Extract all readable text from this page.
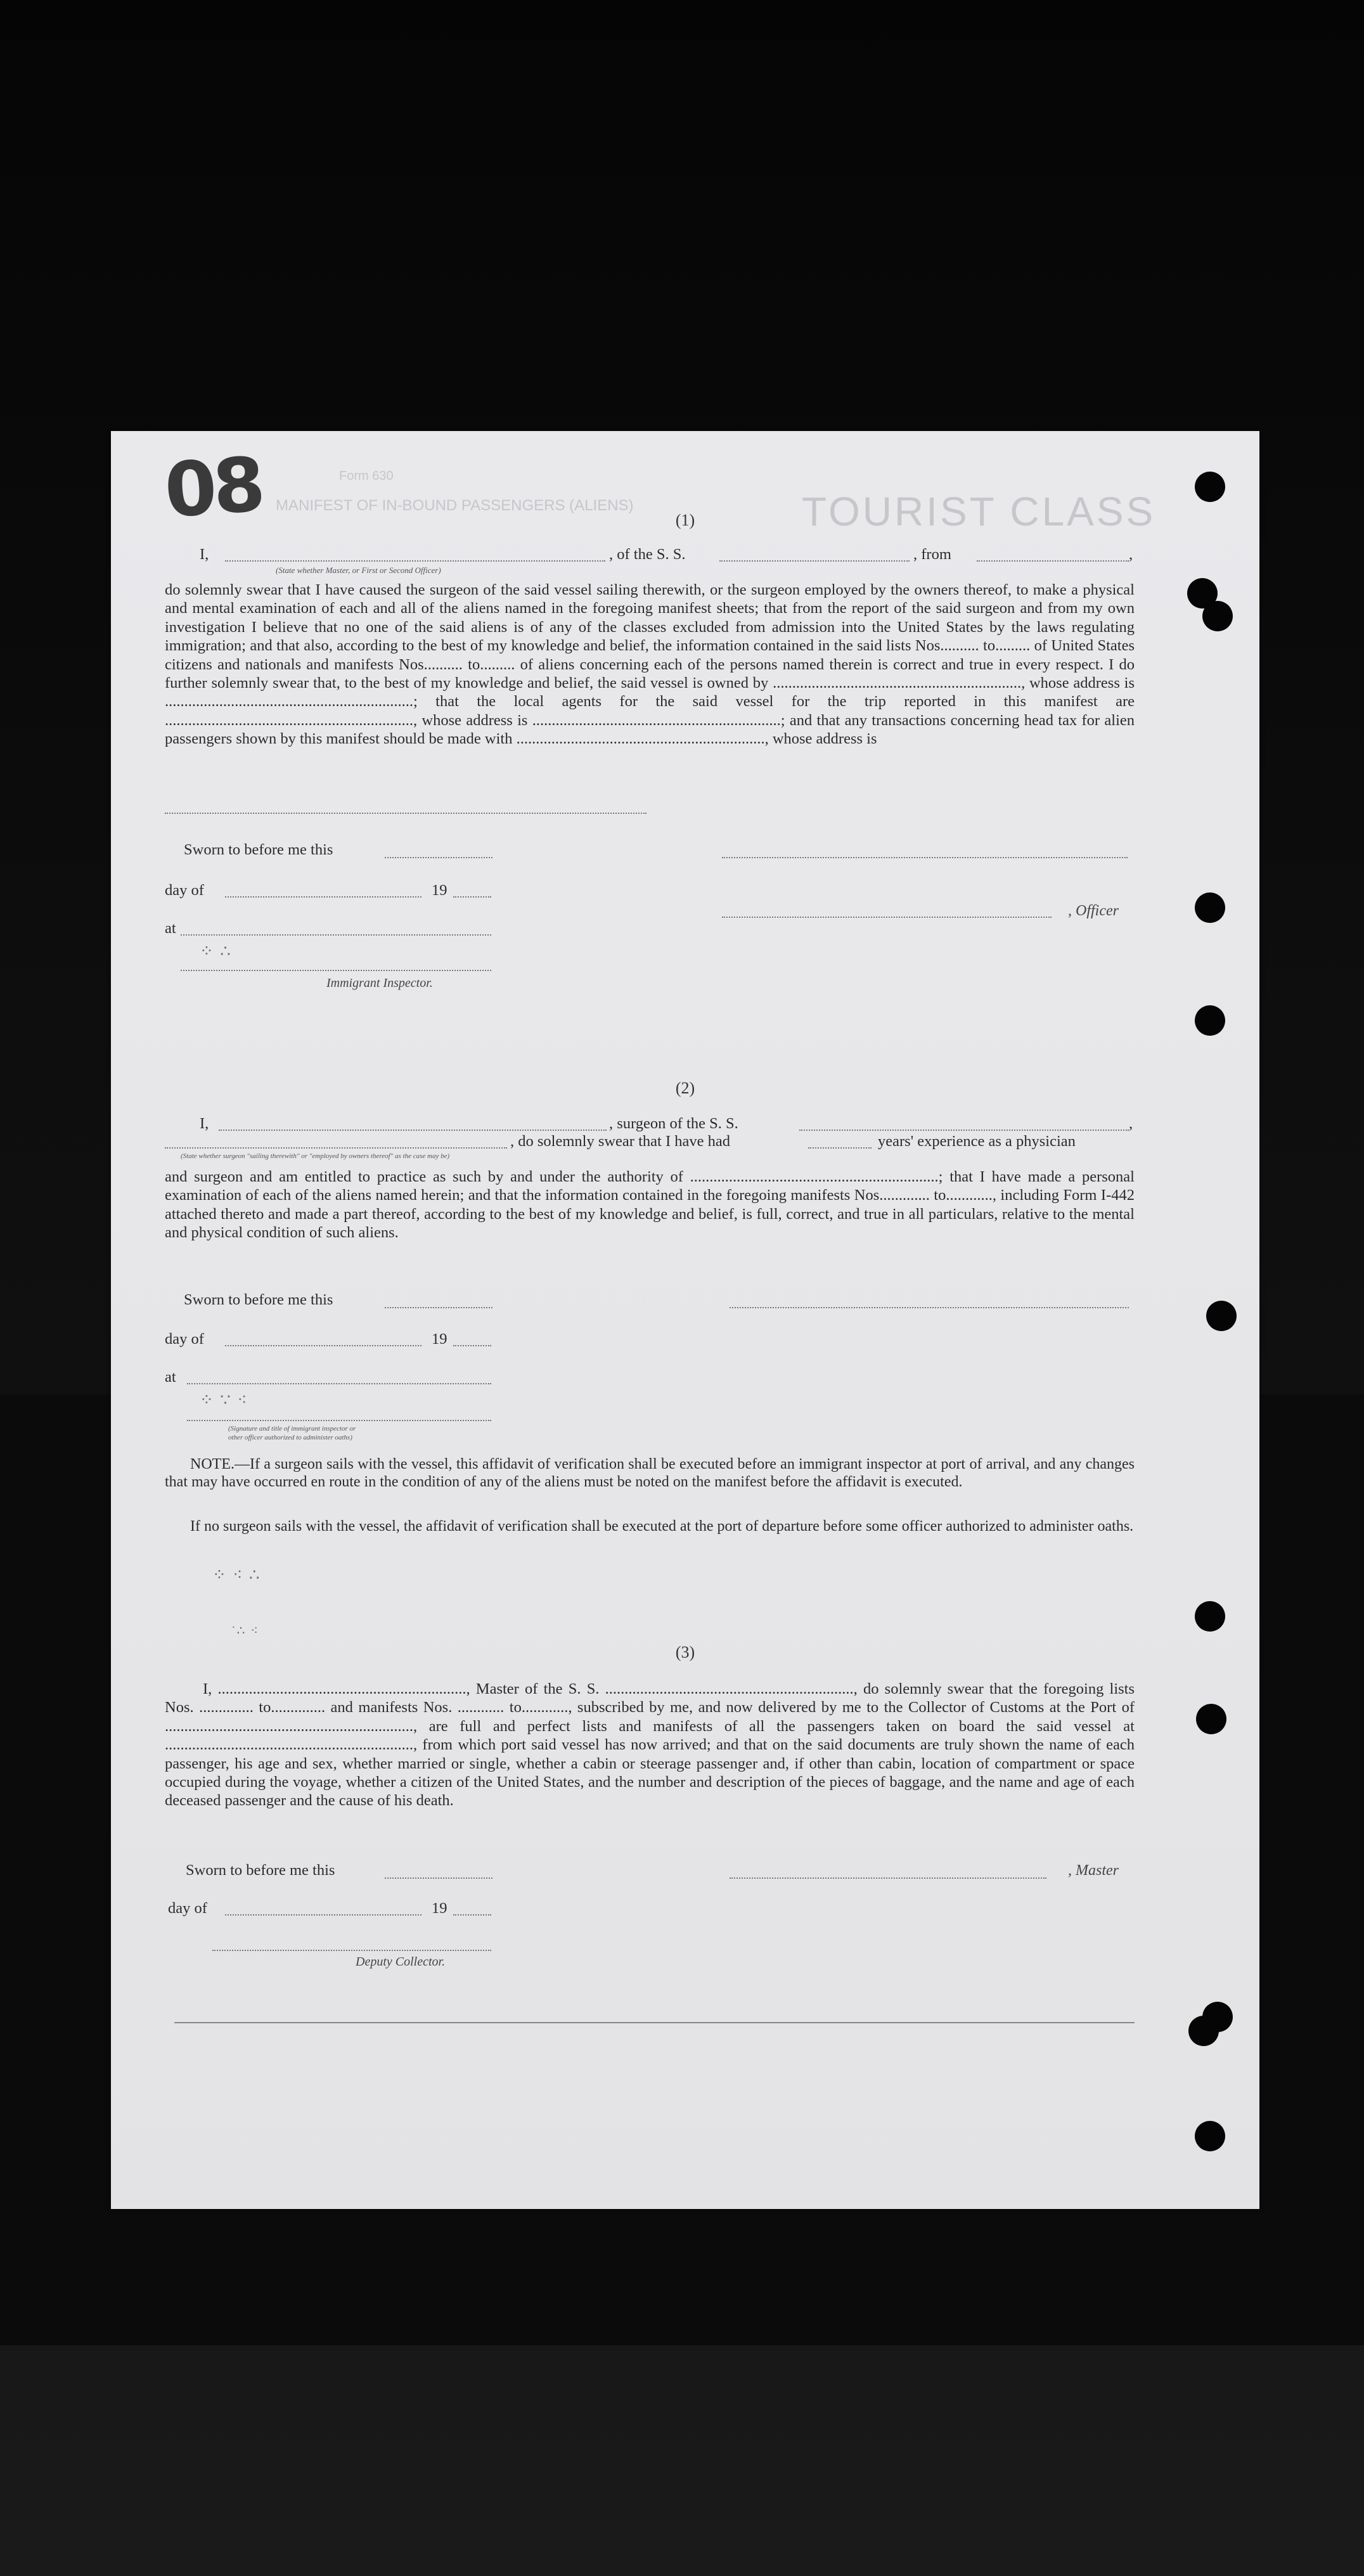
08	Form 630
MANIFEST OF IN-BOUND PASSENGERS (ALIENS)	TOURIST CLASS
(1)
I,	, of the S. S.	, from	,
(State whether Master, or First or Second Officer)
do solemnly swear that I have caused the surgeon of the said vessel sailing therewith, or the surgeon employed by the owners thereof, to make a physical and mental examination of each and all of the aliens named in the foregoing manifest sheets; that from the report of the said surgeon and from my own investigation I believe that no one of the said aliens is of any of the classes excluded from admission into the United States by the laws regulating immigration; and that also, according to the best of my knowledge and belief, the information contained in the said lists Nos.......... to......... of United States citizens and nationals and manifests Nos.......... to......... of aliens concerning each of the persons named therein is correct and true in every respect. I do further solemnly swear that, to the best of my knowledge and belief, the said vessel is owned by ................................................................, whose address is ................................................................; that the local agents for the said vessel for the trip reported in this manifest are ................................................................, whose address is ................................................................; and that any transactions concerning head tax for alien passengers shown by this manifest should be made with ................................................................, whose address is
Sworn to before me this
day of	19
, Officer
at
⁘ ∴
Immigrant Inspector.
(2)
I,	, surgeon of the S. S.	,
, do solemnly swear that I have had	years' experience as a physician
(State whether surgeon "sailing therewith" or "employed by owners thereof" as the case may be)
and surgeon and am entitled to practice as such by and under the authority of ................................................................; that I have made a personal examination of each of the aliens named herein; and that the information contained in the foregoing manifests Nos............. to............, including Form I-442 attached thereto and made a part thereof, according to the best of my knowledge and belief, is full, correct, and true in all particulars, relative to the mental and physical condition of such aliens.
Sworn to before me this
day of	19
at
⁘ ∵ ⁖
(Signature and title of immigrant inspector or
other officer authorized to administer oaths)
NOTE.—If a surgeon sails with the vessel, this affidavit of verification shall be executed before an immigrant inspector at port of arrival, and any changes that may have occurred en route in the condition of any of the aliens must be noted on the manifest before the affidavit is executed.
If no surgeon sails with the vessel, the affidavit of verification shall be executed at the port of departure before some officer authorized to administer oaths.
⁘ ⁖ ∴
˙∴ ⁖
(3)
I, ................................................................, Master of the S. S. ................................................................, do solemnly swear that the foregoing lists Nos. .............. to.............. and manifests Nos. ............ to............, subscribed by me, and now delivered by me to the Collector of Customs at the Port of ................................................................, are full and perfect lists and manifests of all the passengers taken on board the said vessel at ................................................................, from which port said vessel has now arrived; and that on the said documents are truly shown the name of each passenger, his age and sex, whether married or single, whether a cabin or steerage passenger and, if other than cabin, location of compartment or space occupied during the voyage, whether a citizen of the United States, and the number and description of the pieces of baggage, and the name and age of each deceased passenger and the cause of his death.
Sworn to before me this	, Master
day of	19
Deputy Collector.
